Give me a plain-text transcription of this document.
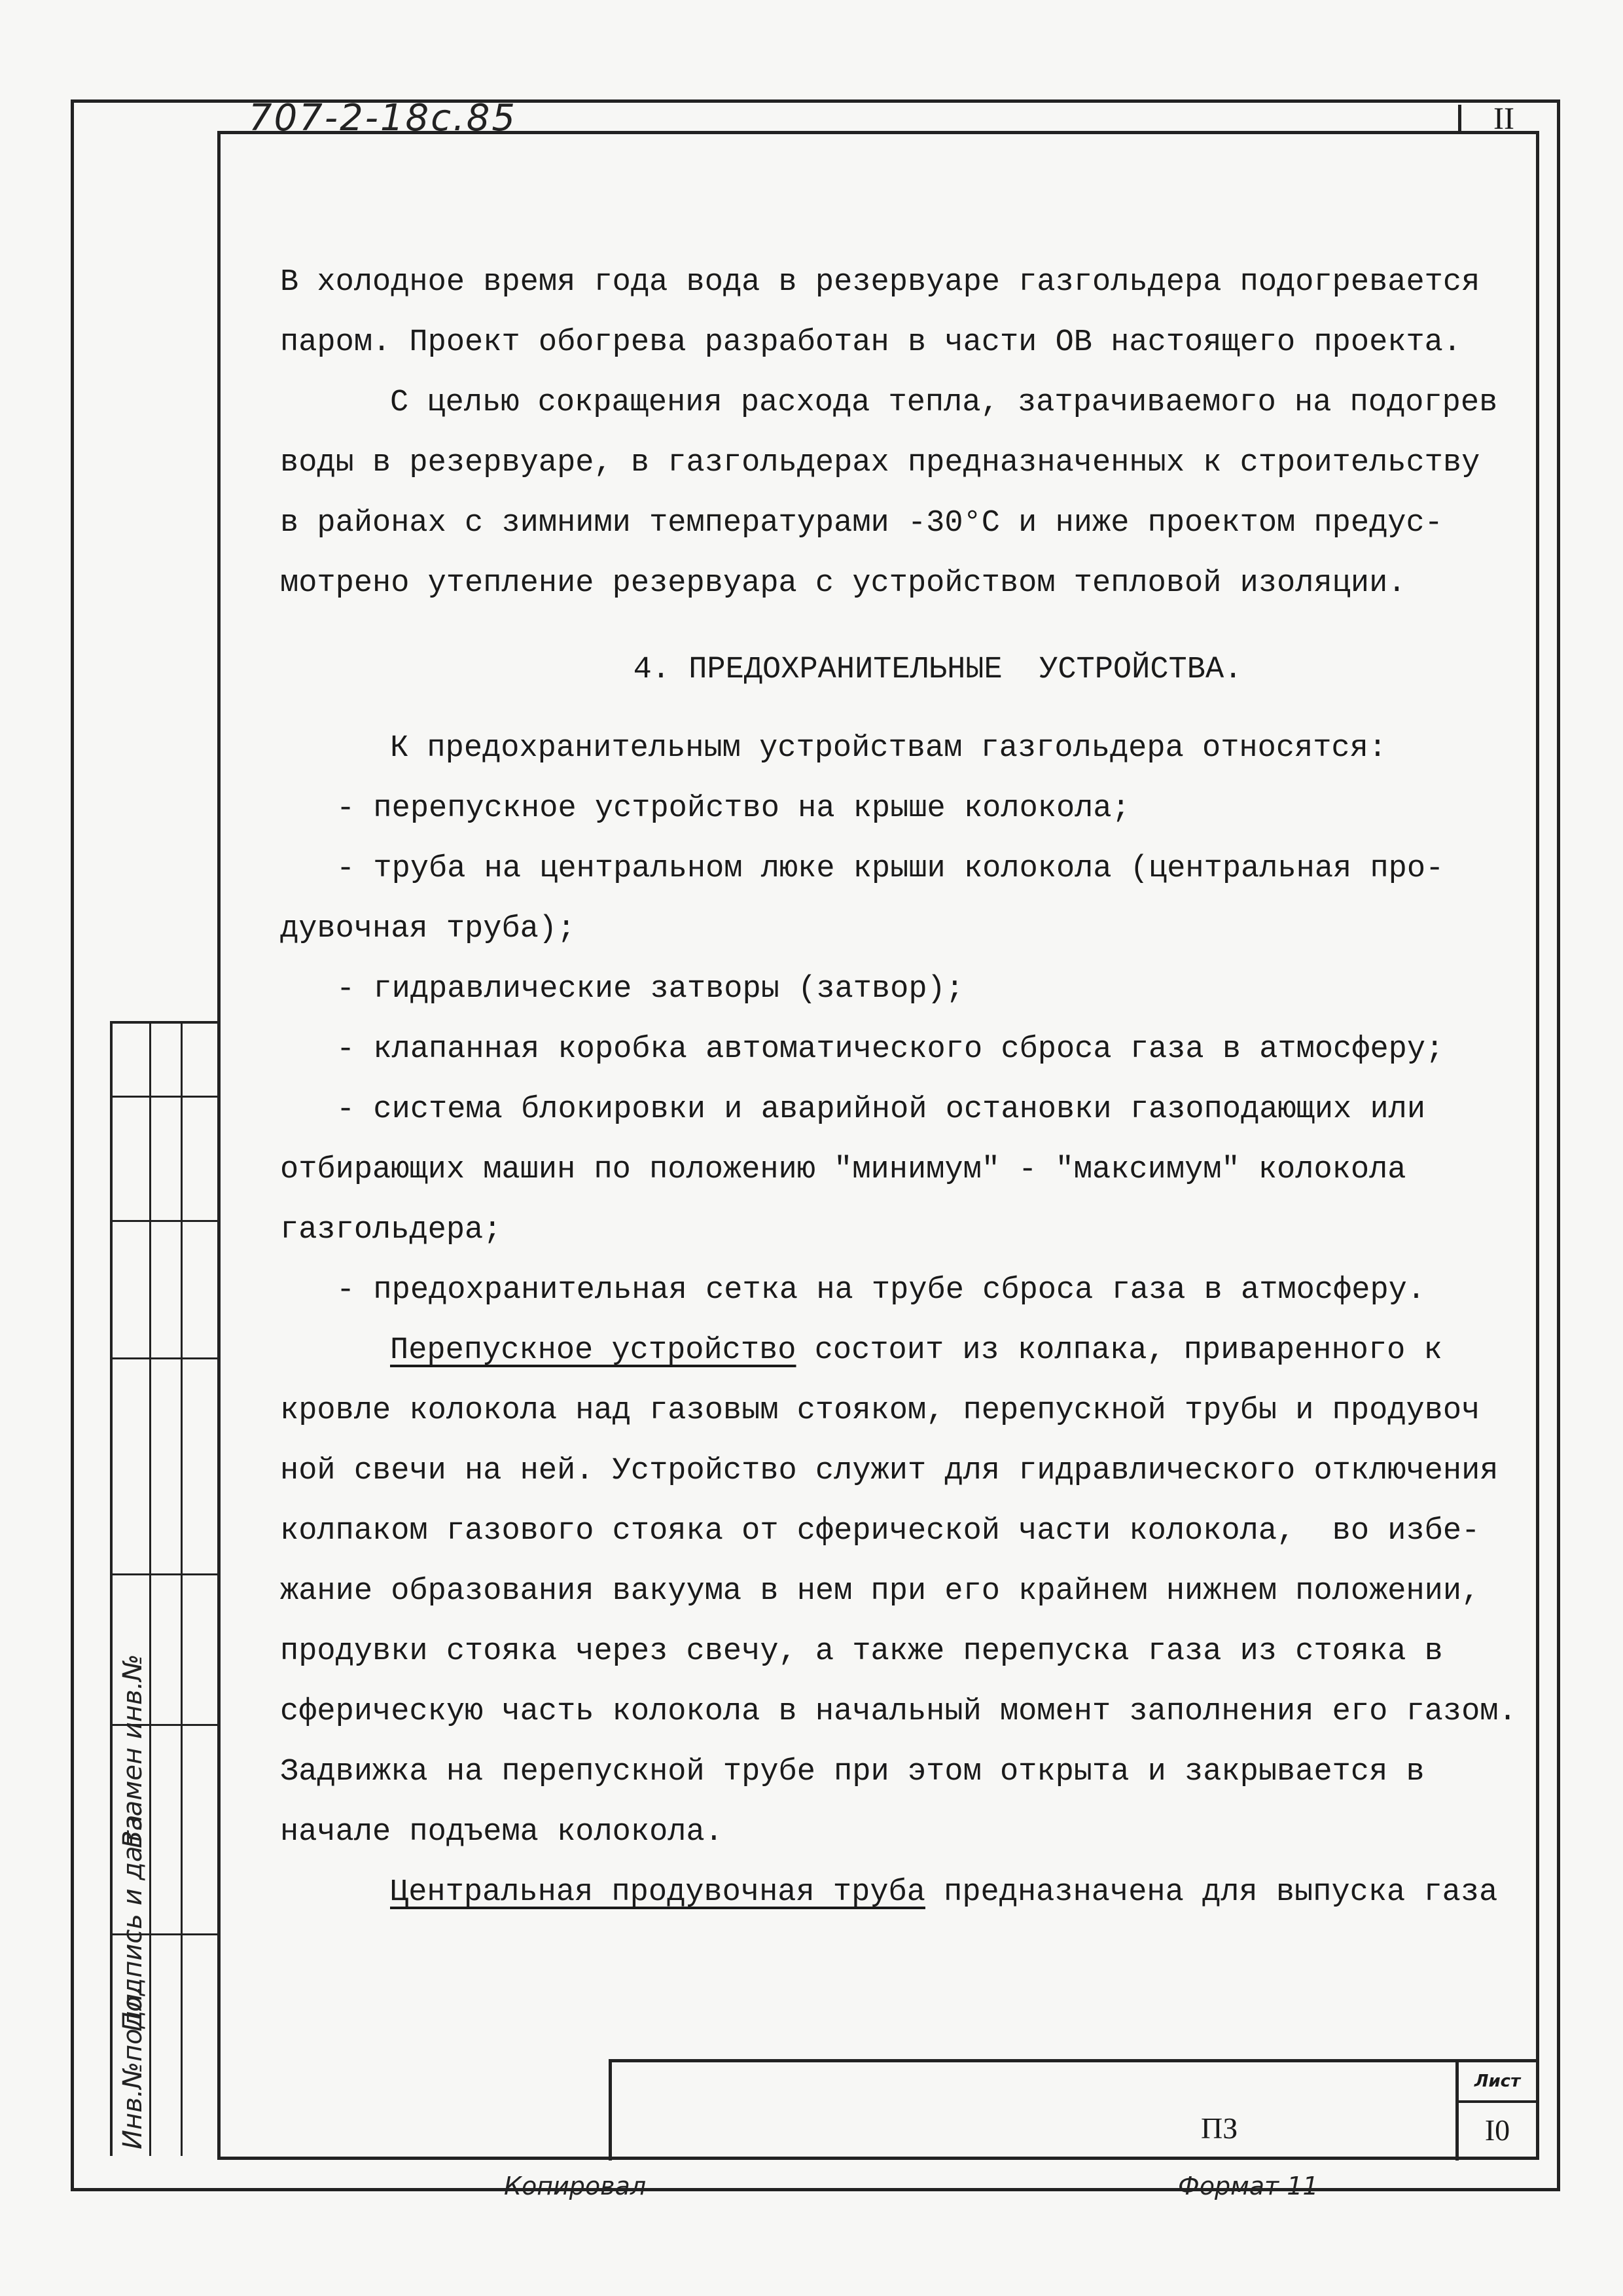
707-2-18с.85	II

В холодное время года вода в резервуаре газгольдера подогревается

паром. Проект обогрева разработан в части ОВ настоящего проекта.

С целью сокращения расхода тепла, затрачиваемого на подогрев

воды в резервуаре, в газгольдерах предназначенных к строительству

в районах с зимними температурами -30°С и ниже проектом предус-

мотрено утепление резервуара с устройством тепловой изоляции.

4. ПРЕДОХРАНИТЕЛЬНЫЕ  УСТРОЙСТВА.

К предохранительным устройствам газгольдера относятся:

- перепускное устройство на крыше колокола;

- труба на центральном люке крыши колокола (центральная про-

дувочная труба);

- гидравлические затворы (затвор);

- клапанная коробка автоматического сброса газа в атмосферу;

- система блокировки и аварийной остановки газоподающих или

отбирающих машин по положению "минимум" - "максимум" колокола

газгольдера;

- предохранительная сетка на трубе сброса газа в атмосферу.

Перепускное устройство состоит из колпака, приваренного к

кровле колокола над газовым стояком, перепускной трубы и продувоч

ной свечи на ней. Устройство служит для гидравлического отключения

колпаком газового стояка от сферической части колокола,  во избе-

жание образования вакуума в нем при его крайнем нижнем положении,

продувки стояка через свечу, а также перепуска газа из стояка в

сферическую часть колокола в начальный момент заполнения его газом.

Задвижка на перепускной трубе при этом открыта и закрывается в

начале подъема колокола.

Центральная продувочная труба предназначена для выпуска газа

Взамен инв.№
Подпись и дата
Инв.№подл.	ПЗ
Лист
I0
Копировал	Формат 11
